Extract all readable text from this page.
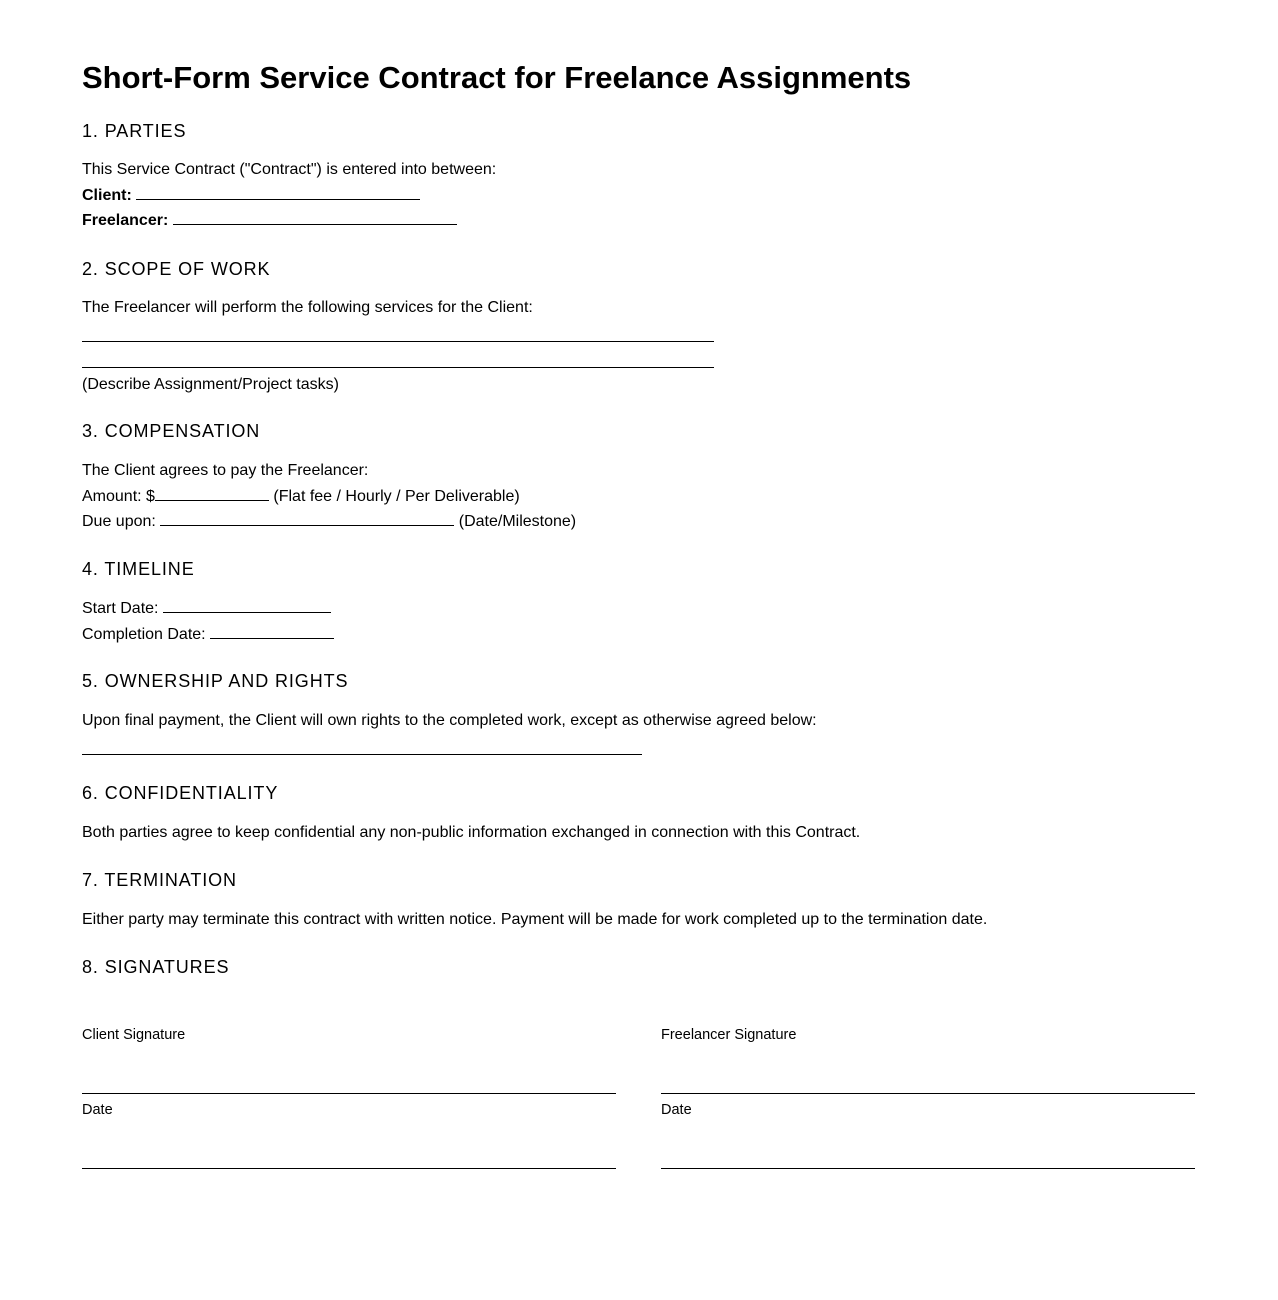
Short-Form Service Contract for Freelance Assignments
1. PARTIES
This Service Contract ("Contract") is entered into between:
Client:
Freelancer:
2. SCOPE OF WORK
The Freelancer will perform the following services for the Client:
(Describe Assignment/Project tasks)
3. COMPENSATION
The Client agrees to pay the Freelancer:
Amount: $	(Flat fee / Hourly / Per Deliverable)
Due upon:	(Date/Milestone)
4. TIMELINE
Start Date:
Completion Date:
5. OWNERSHIP AND RIGHTS
Upon final payment, the Client will own rights to the completed work, except as otherwise agreed below:
6. CONFIDENTIALITY
Both parties agree to keep confidential any non-public information exchanged in connection with this Contract.
7. TERMINATION
Either party may terminate this contract with written notice. Payment will be made for work completed up to the termination date.
8. SIGNATURES
Client Signature	Freelancer Signature
Date	Date
